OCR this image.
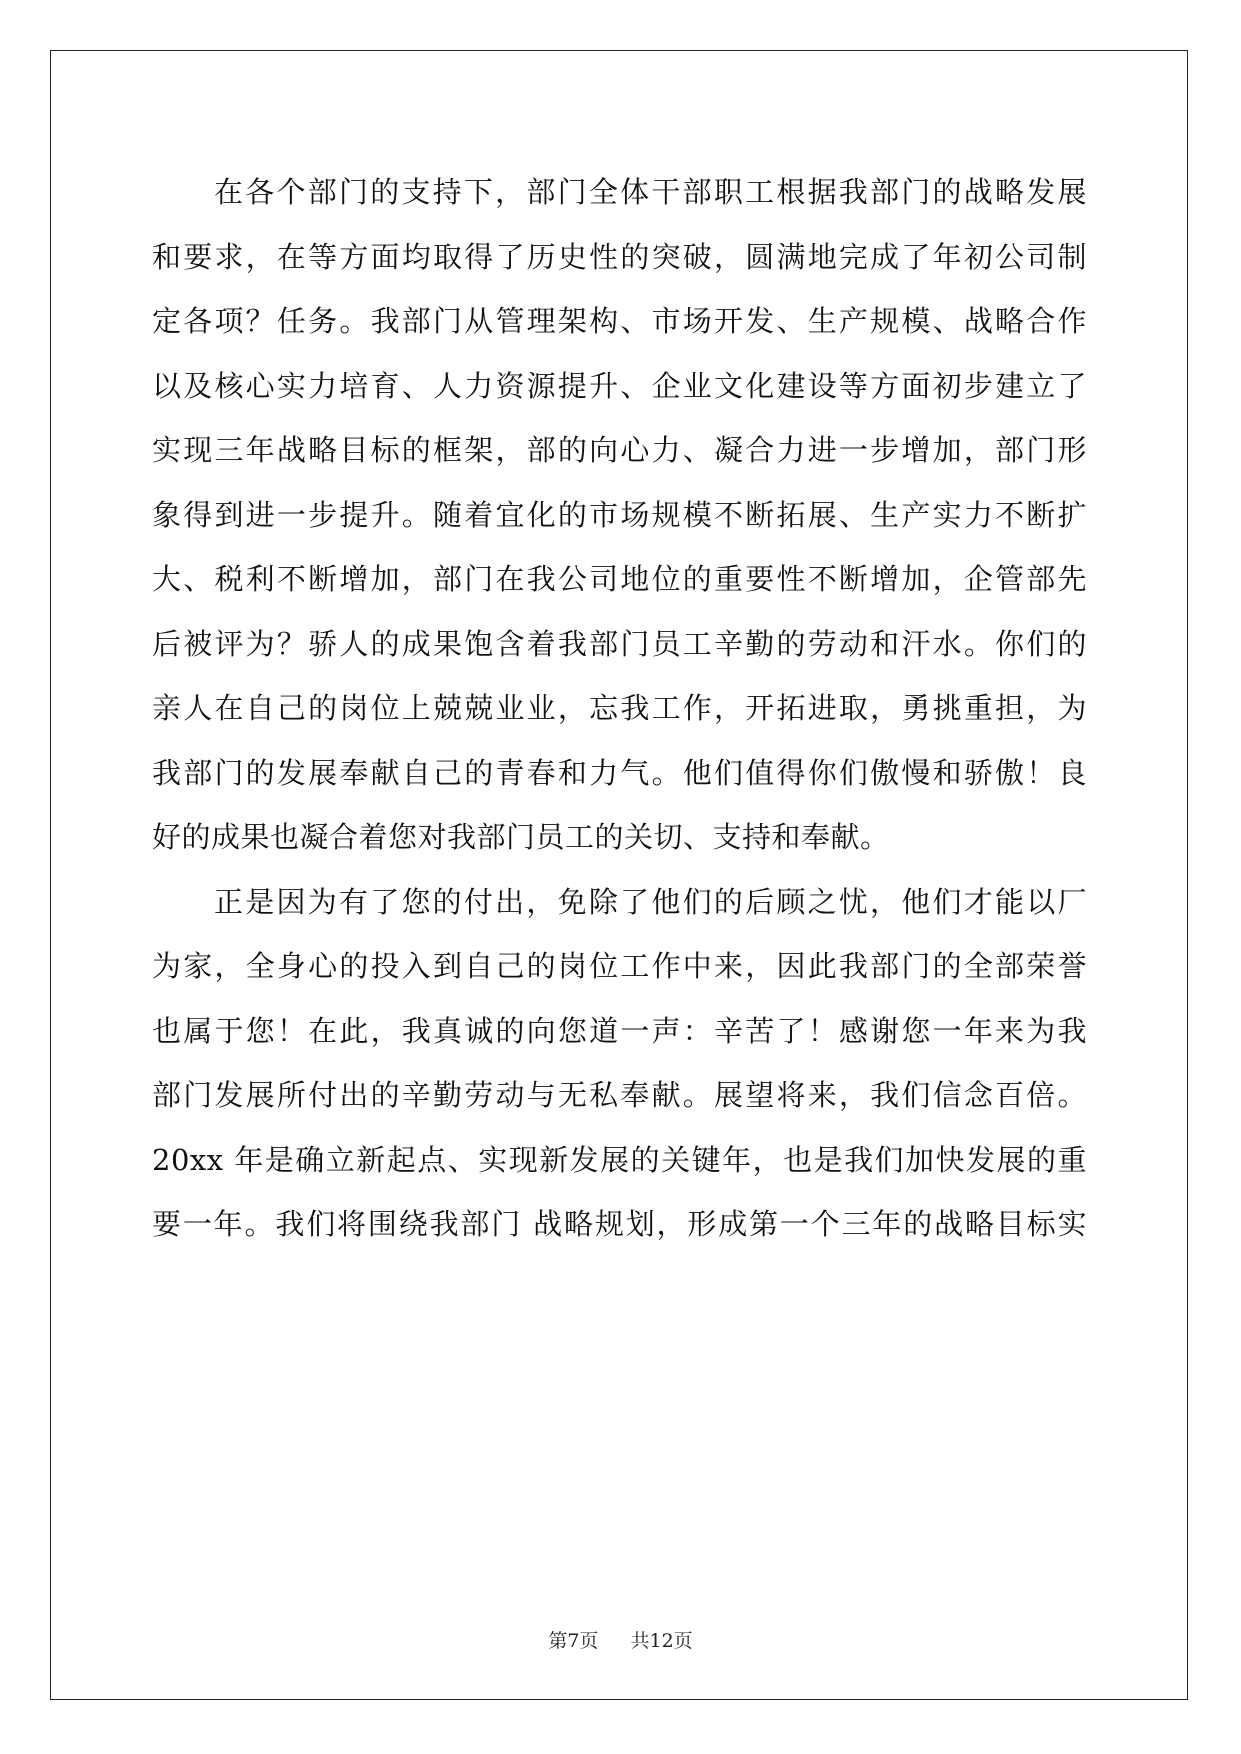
在各个部门的支持下，部门全体干部职工根据我部门的战略发展
和要求，在等方面均取得了历史性的突破，圆满地完成了年初公司制
定各项？任务。我部门从管理架构、市场开发、生产规模、战略合作
以及核心实力培育、人力资源提升、企业文化建设等方面初步建立了
实现三年战略目标的框架，部的向心力、凝合力进一步增加，部门形
象得到进一步提升。随着宜化的市场规模不断拓展、生产实力不断扩
大、税利不断增加，部门在我公司地位的重要性不断增加，企管部先
后被评为？骄人的成果饱含着我部门员工辛勤的劳动和汗水。你们的
亲人在自己的岗位上兢兢业业，忘我工作，开拓进取，勇挑重担，为
我部门的发展奉献自己的青春和力气。他们值得你们傲慢和骄傲！良
好的成果也凝合着您对我部门员工的关切、支持和奉献。
正是因为有了您的付出，免除了他们的后顾之忧，他们才能以厂
为家，全身心的投入到自己的岗位工作中来，因此我部门的全部荣誉
也属于您！在此，我真诚的向您道一声：辛苦了！感谢您一年来为我
部门发展所付出的辛勤劳动与无私奉献。展望将来，我们信念百倍。
20xx 年是确立新起点、实现新发展的关键年，也是我们加快发展的重
要一年。我们将围绕我部门 战略规划，形成第一个三年的战略目标实
第7页 共12页
